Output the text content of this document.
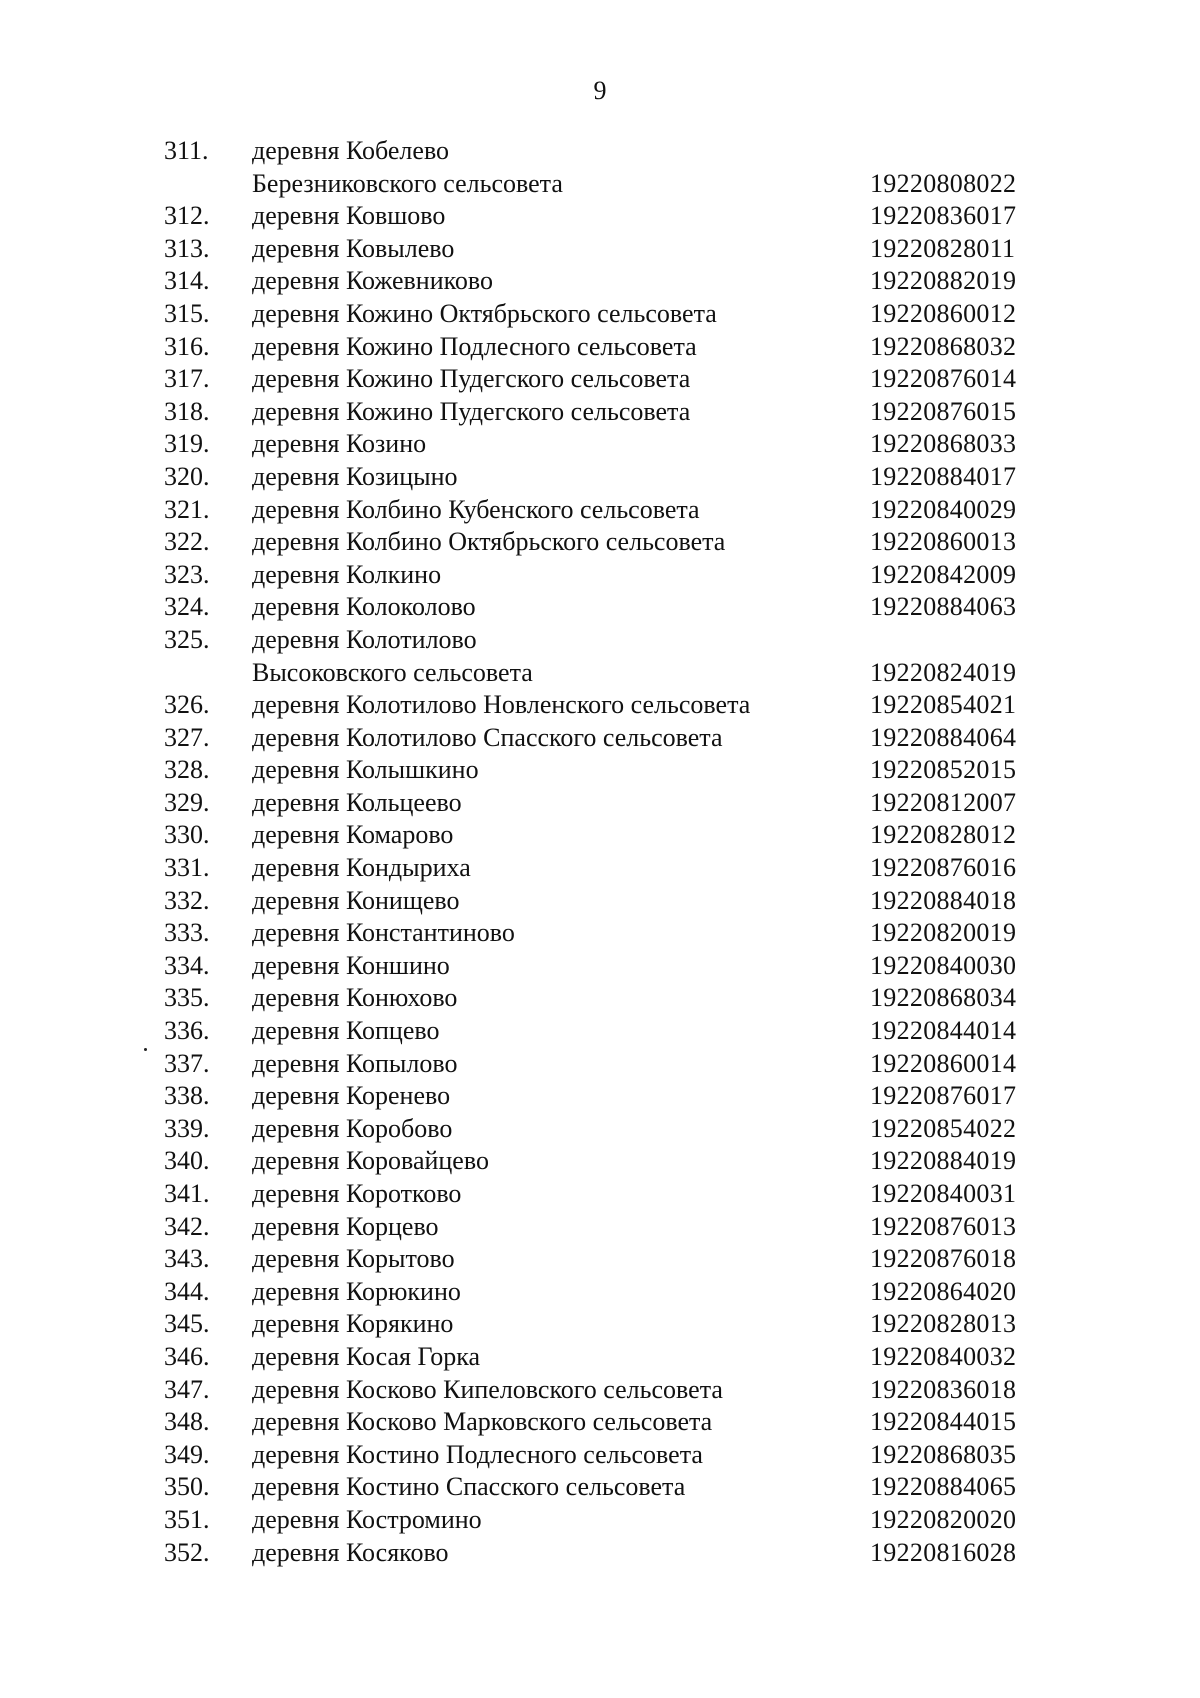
9
311. деревня Кобелево
Березниковского сельсовета	19220808022
312. деревня Ковшово	19220836017
313. деревня Ковылево	19220828011
314. деревня Кожевниково	19220882019
315. деревня Кожино Октябрьского сельсовета	19220860012
316. деревня Кожино Подлесного сельсовета	19220868032
317. деревня Кожино Пудегского сельсовета	19220876014
318. деревня Кожино Пудегского сельсовета	19220876015
319. деревня Козино	19220868033
320. деревня Козицыно	19220884017
321. деревня Колбино Кубенского сельсовета	19220840029
322. деревня Колбино Октябрьского сельсовета	19220860013
323. деревня Колкино	19220842009
324. деревня Колоколово	19220884063
325. деревня Колотилово
Высоковского сельсовета	19220824019
326. деревня Колотилово Новленского сельсовета	19220854021
327. деревня Колотилово Спасского сельсовета	19220884064
328. деревня Колышкино	19220852015
329. деревня Кольцеево	19220812007
330. деревня Комарово	19220828012
331. деревня Кондыриха	19220876016
332. деревня Конищево	19220884018
333. деревня Константиново	19220820019
334. деревня Коншино	19220840030
335. деревня Конюхово	19220868034
336. деревня Копцево	19220844014
337. деревня Копылово	19220860014
338. деревня Коренево	19220876017
339. деревня Коробово	19220854022
340. деревня Коровайцево	19220884019
341. деревня Коротково	19220840031
342. деревня Корцево	19220876013
343. деревня Корытово	19220876018
344. деревня Корюкино	19220864020
345. деревня Корякино	19220828013
346. деревня Косая Горка	19220840032
347. деревня Косково Кипеловского сельсовета	19220836018
348. деревня Косково Марковского сельсовета	19220844015
349. деревня Костино Подлесного сельсовета	19220868035
350. деревня Костино Спасского сельсовета	19220884065
351. деревня Костромино	19220820020
352. деревня Косяково	19220816028
